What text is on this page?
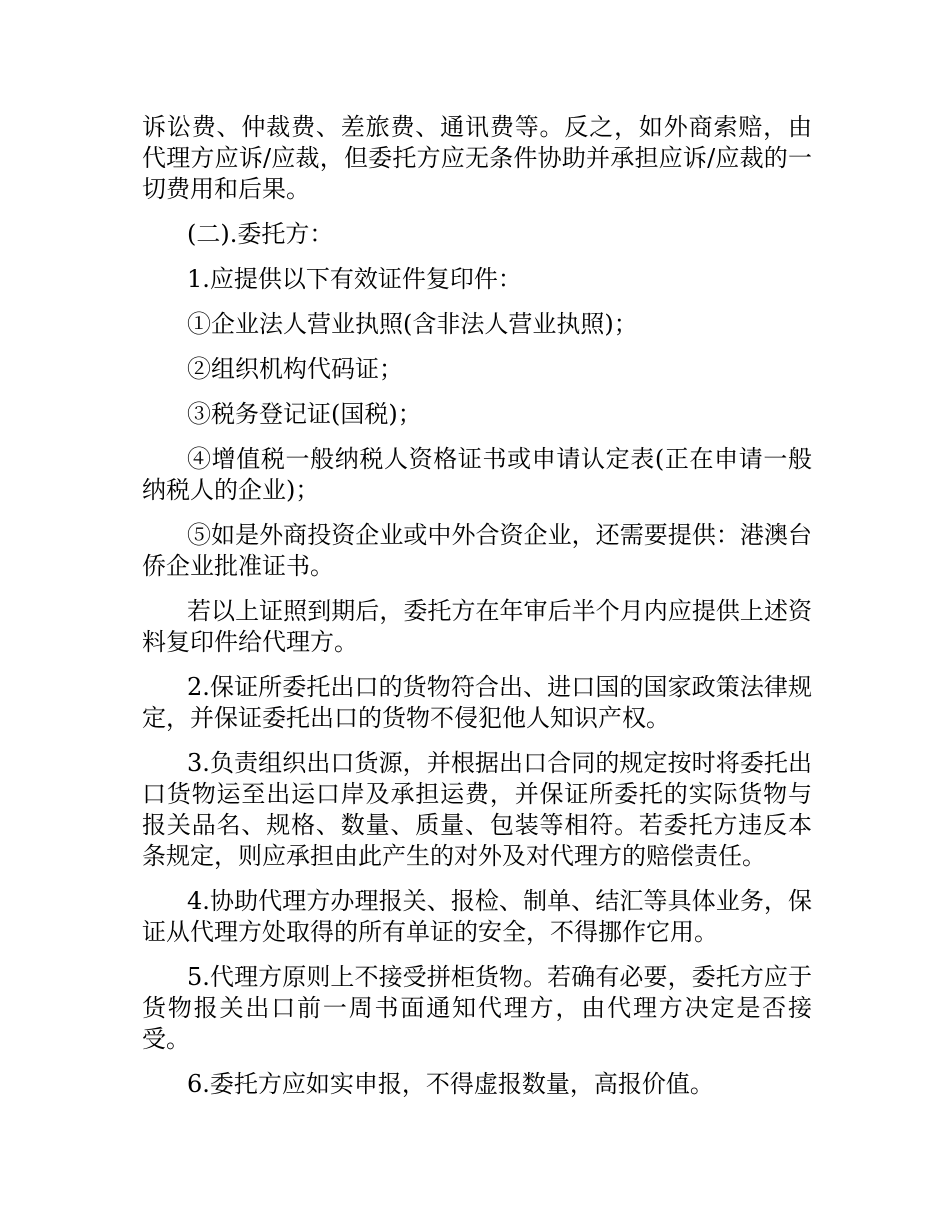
诉讼费、仲裁费、差旅费、通讯费等。反之，如外商索赔，由代理方应诉/应裁，但委托方应无条件协助并承担应诉/应裁的一切费用和后果。

(二).委托方：

1.应提供以下有效证件复印件：

①企业法人营业执照(含非法人营业执照)；

②组织机构代码证；

③税务登记证(国税)；

④增值税一般纳税人资格证书或申请认定表(正在申请一般纳税人的企业)；

⑤如是外商投资企业或中外合资企业，还需要提供：港澳台侨企业批准证书。

若以上证照到期后，委托方在年审后半个月内应提供上述资料复印件给代理方。

2.保证所委托出口的货物符合出、进口国的国家政策法律规定，并保证委托出口的货物不侵犯他人知识产权。

3.负责组织出口货源，并根据出口合同的规定按时将委托出口货物运至出运口岸及承担运费，并保证所委托的实际货物与报关品名、规格、数量、质量、包装等相符。若委托方违反本条规定，则应承担由此产生的对外及对代理方的赔偿责任。

4.协助代理方办理报关、报检、制单、结汇等具体业务，保证从代理方处取得的所有单证的安全，不得挪作它用。

5.代理方原则上不接受拼柜货物。若确有必要，委托方应于货物报关出口前一周书面通知代理方，由代理方决定是否接受。

6.委托方应如实申报，不得虚报数量，高报价值。
